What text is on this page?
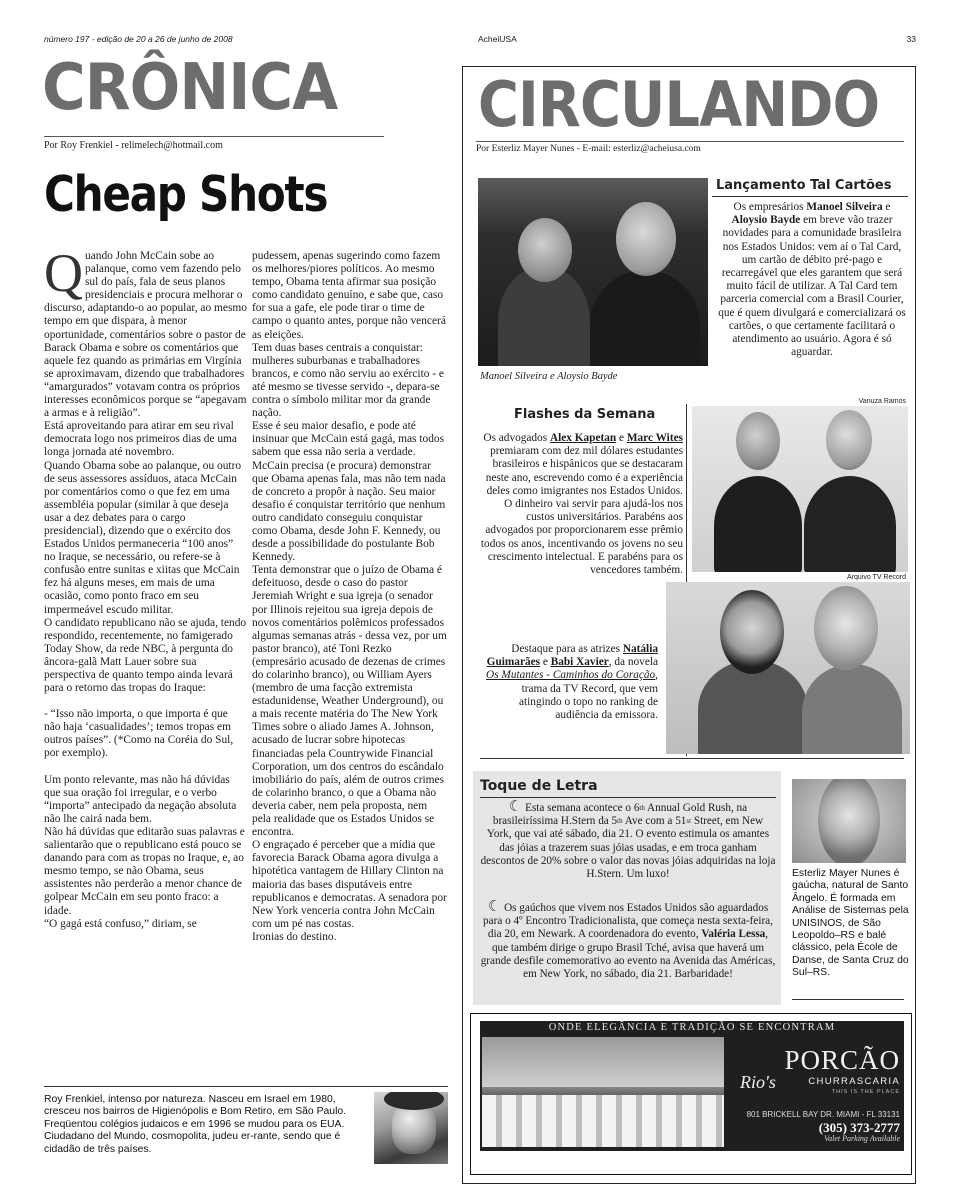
número 197 - edição de 20 a 26 de junho de 2008	AcheiUSA	33
CRÔNICA
Por Roy Frenkiel - relimelech@hotmail.com
Cheap Shots

Quando John McCain sobe ao palanque, como vem fazendo pelo sul do país, fala de seus planos presidenciais e procura melhorar o discurso, adaptando-o ao popular, ao mesmo tempo em que dispara, à menor oportunidade, comentários sobre o pastor de Barack Obama e sobre os comentários que aquele fez quando as primárias em Virgínia se aproximavam, dizendo que trabalhadores “amargurados” votavam contra os próprios interesses econômicos porque se “apegavam a armas e à religião”.

Está aproveitando para atirar em seu rival democrata logo nos primeiros dias de uma longa jornada até novembro.

Quando Obama sobe ao palanque, ou outro de seus assessores assíduos, ataca McCain por comentários como o que fez em uma assembléia popular (similar à que deseja usar a dez debates para o cargo presidencial), dizendo que o exército dos Estados Unidos permaneceria “100 anos” no Iraque, se necessário, ou refere-se à confusão entre sunitas e xiitas que McCain fez há alguns meses, em mais de uma ocasião, como ponto fraco em seu impermeável escudo militar.

O candidato republicano não se ajuda, tendo respondido, recentemente, no famigerado Today Show, da rede NBC, à pergunta do âncora-galã Matt Lauer sobre sua perspectiva de quanto tempo ainda levará para o retorno das tropas do Iraque:

- “Isso não importa, o que importa é que não haja ‘casualidades’; temos tropas em outros países”. (*Como na Coréia do Sul, por exemplo).

Um ponto relevante, mas não há dúvidas que sua oração foi irregular, e o verbo “importa” antecipado da negação absoluta não lhe cairá nada bem.

Não há dúvidas que editarão suas palavras e salientarão que o republicano está pouco se danando para com as tropas no Iraque, e, ao mesmo tempo, se não Obama, seus assistentes não perderão a menor chance de golpear McCain em seu ponto fraco: a idade.

“O gagá está confuso,” diriam, se

pudessem, apenas sugerindo como fazem os melhores/piores políticos. Ao mesmo tempo, Obama tenta afirmar sua posição como candidato genuíno, e sabe que, caso for sua a gafe, ele pode tirar o time de campo o quanto antes, porque não vencerá as eleições.

Tem duas bases centrais a conquistar: mulheres suburbanas e trabalhadores brancos, e como não serviu ao exército - e até mesmo se tivesse servido -, depara-se contra o símbolo militar mor da grande nação.

Esse é seu maior desafio, e pode até insinuar que McCain está gagá, mas todos sabem que essa não seria a verdade.

McCain precisa (e procura) demonstrar que Obama apenas fala, mas não tem nada de concreto a propôr à nação. Seu maior desafio é conquistar território que nenhum outro candidato conseguiu conquistar como Obama, desde John F. Kennedy, ou desde a possibilidade do postulante Bob Kennedy.

Tenta demonstrar que o juízo de Obama é defeituoso, desde o caso do pastor Jeremiah Wright e sua igreja (o senador por Illinois rejeitou sua igreja depois de novos comentários polêmicos professados algumas semanas atrás - dessa vez, por um pastor branco), até Toni Rezko (empresário acusado de dezenas de crimes do colarinho branco), ou William Ayers (membro de uma facção extremista estadunidense, Weather Underground), ou a mais recente matéria do The New York Times sobre o aliado James A. Johnson, acusado de lucrar sobre hipotecas financiadas pela Countrywide Financial Corporation, um dos centros do escândalo imobiliário do país, além de outros crimes de colarinho branco, o que a Obama não deveria caber, nem pela proposta, nem pela realidade que os Estados Unidos se encontra.

O engraçado é perceber que a mídia que favorecia Barack Obama agora divulga a hipotética vantagem de Hillary Clinton na maioria das bases disputáveis entre republicanos e democratas. A senadora por New York venceria contra John McCain com um pé nas costas.

Ironias do destino.

Roy Frenkiel, intenso por natureza. Nasceu em Israel em 1980, cresceu nos bairros de Higienópolis e Bom Retiro, em São Paulo. Freqüentou colégios judaicos e em 1996 se mudou para os EUA. Ciudadano del Mundo, cosmopolita, judeu er-rante, sendo que é cidadão de três países.
CIRCULANDO
Por Esterliz Mayer Nunes - E-mail: esterliz@acheiusa.com
Manoel Silveira e Aloysio Bayde
Lançamento Tal Cartões
Os empresários Manoel Silveira e Aloysio Bayde em breve vão trazer novidades para a comunidade brasileira nos Estados Unidos: vem aí o Tal Card, um cartão de débito pré-pago e recarregável que eles garantem que será muito fácil de utilizar. A Tal Card tem parceria comercial com a Brasil Courier, que é quem divulgará e comercializará os cartões, o que certamente facilitará o atendimento ao usuário. Agora é só aguardar.
Flashes da Semana
Vanuza Ramos
Arquivo TV Record
Os advogados Alex Kapetan e Marc Wites premiaram com dez mil dólares estudantes brasileiros e hispânicos que se destacaram neste ano, escrevendo como é a experiência deles como imigrantes nos Estados Unidos. O dinheiro vai servir para ajudá-los nos custos universitários. Parabéns aos advogados por proporcionarem esse prêmio todos os anos, incentivando os jovens no seu crescimento intelectual. E parabéns para os vencedores também.
Destaque para as atrizes Natália Guimarães e Babi Xavier, da novela Os Mutantes - Caminhos do Coração, trama da TV Record, que vem atingindo o topo no ranking de audiência da emissora.
Toque de Letra
☾ Esta semana acontece o 6th Annual Gold Rush, na brasileiríssima H.Stern da 5th Ave com a 51st Street, em New York, que vai até sábado, dia 21. O evento estimula os amantes das jóias a trazerem suas jóias usadas, e em troca ganham descontos de 20% sobre o valor das novas jóias adquiridas na loja H.Stern. Um luxo!
☾ Os gaúchos que vivem nos Estados Unidos são aguardados para o 4º Encontro Tradicionalista, que começa nesta sexta-feira, dia 20, em Newark. A coordenadora do evento, Valéria Lessa, que também dirige o grupo Brasil Tché, avisa que haverá um grande desfile comemorativo ao evento na Avenida das Américas, em New York, no sábado, dia 21. Barbaridade!
Esterliz Mayer Nunes é gaúcha, natural de Santo Ângelo. É formada em Análise de Sistemas pela UNISINOS, de São Leopoldo–RS e balé clássico, pela École de Danse, de Santa Cruz do Sul–RS.
ONDE ELEGÂNCIA E TRADIÇÃO SE ENCONTRAM
PORCÃO
Rio's	CHURRASCARIA
THIS IS THE PLACE
801 BRICKELL BAY DR. MIAMI - FL 33131
(305) 373-2777
Valet Parking Available
